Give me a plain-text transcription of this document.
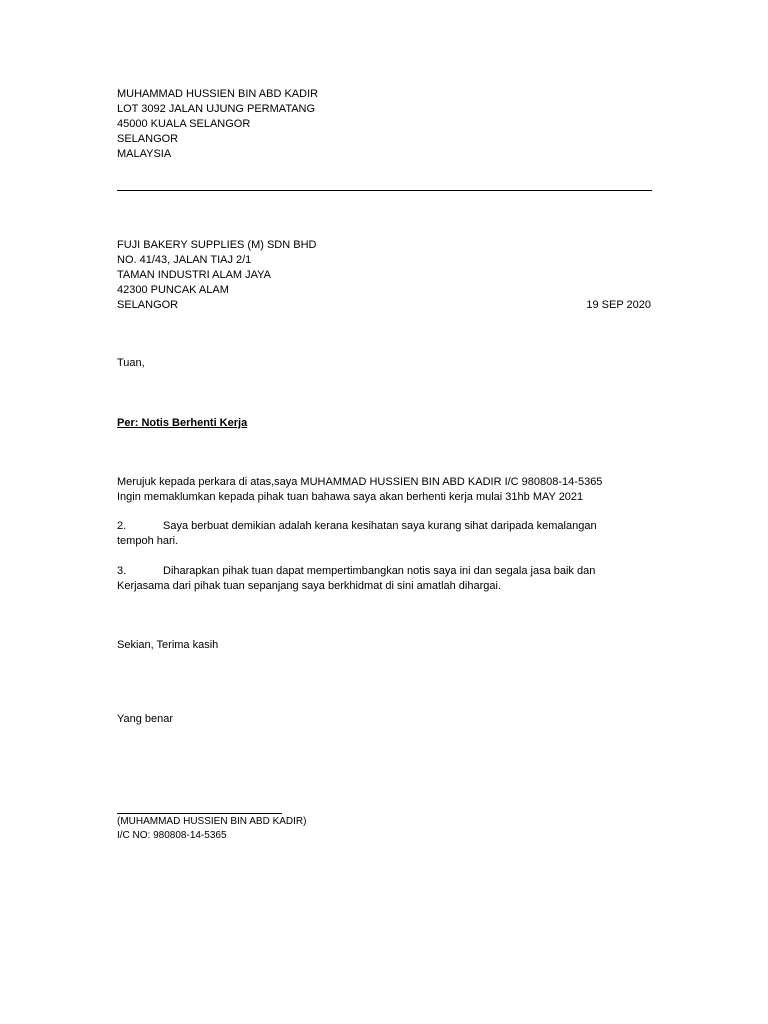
MUHAMMAD HUSSIEN BIN ABD KADIR
LOT 3092 JALAN UJUNG PERMATANG
45000 KUALA SELANGOR
SELANGOR
MALAYSIA
FUJI BAKERY SUPPLIES (M) SDN BHD
NO. 41/43, JALAN TIAJ 2/1
TAMAN INDUSTRI ALAM JAYA
42300 PUNCAK ALAM
SELANGOR	19 SEP 2020
Tuan,
Per: Notis Berhenti Kerja
Merujuk kepada perkara di atas,saya MUHAMMAD HUSSIEN BIN ABD KADIR I/C 980808-14-5365
Ingin memaklumkan kepada pihak tuan bahawa saya akan berhenti kerja mulai 31hb MAY 2021
2.	Saya berbuat demikian adalah kerana kesihatan saya kurang sihat daripada kemalangan
tempoh hari.
3.	Diharapkan pihak tuan dapat mempertimbangkan notis saya ini dan segala jasa baik dan
Kerjasama dari pihak tuan sepanjang saya berkhidmat di sini amatlah dihargai.
Sekian, Terima kasih
Yang benar
(MUHAMMAD HUSSIEN BIN ABD KADIR)
I/C NO: 980808-14-5365
